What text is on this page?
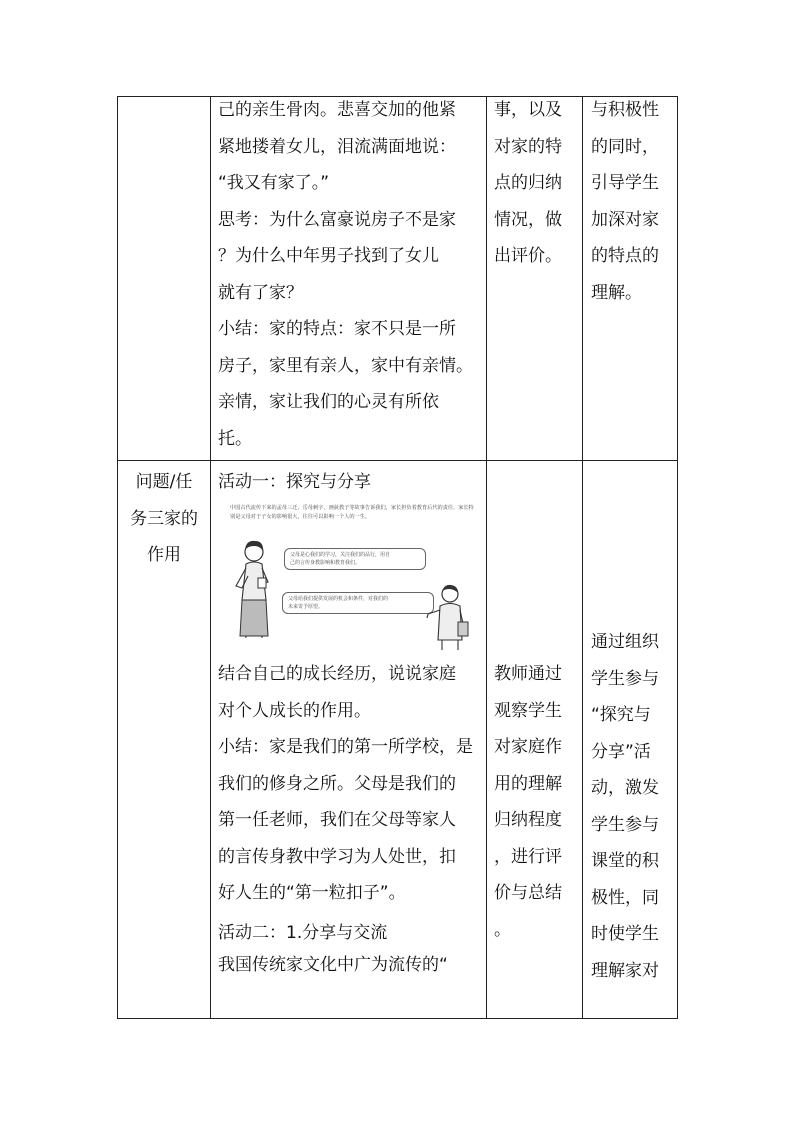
己的亲生骨肉。悲喜交加的他紧

紧地搂着女儿，泪流满面地说：

“我又有家了。”

思考：为什么富豪说房子不是家

？为什么中年男子找到了女儿

就有了家？

小结：家的特点：家不只是一所

房子，家里有亲人，家中有亲情。

亲情，家让我们的心灵有所依

托。

事，以及

对家的特

点的归纳

情况，做

出评价。

与积极性

的同时，

引导学生

加深对家

的特点的

理解。

问题/任

务三家的

作用

活动一：探究与分享

中国古代流传下来的孟母三迁、岳母刺字、画荻教子等故事告诉我们，家长担负着教育后代的责任，家长特别是父母对于子女的影响很大，往往可以影响一个人的一生。

父母是心我们的学习，关注我们的品行，用自

己的言传身教影响和教育我们。

父母给我们提供发展的机会和条件，对我们的

未来寄予厚望。

结合自己的成长经历，说说家庭

对个人成长的作用。

小结：家是我们的第一所学校，是

我们的修身之所。父母是我们的

第一任老师，我们在父母等家人

的言传身教中学习为人处世，扣

好人生的“第一粒扣子”。

活动二：1.分享与交流
我国传统家文化中广为流传的“

教师通过

观察学生

对家庭作

用的理解

归纳程度

，进行评

价与总结

。

通过组织

学生参与

“探究与

分享”活

动，激发

学生参与

课堂的积

极性，同

时使学生

理解家对
